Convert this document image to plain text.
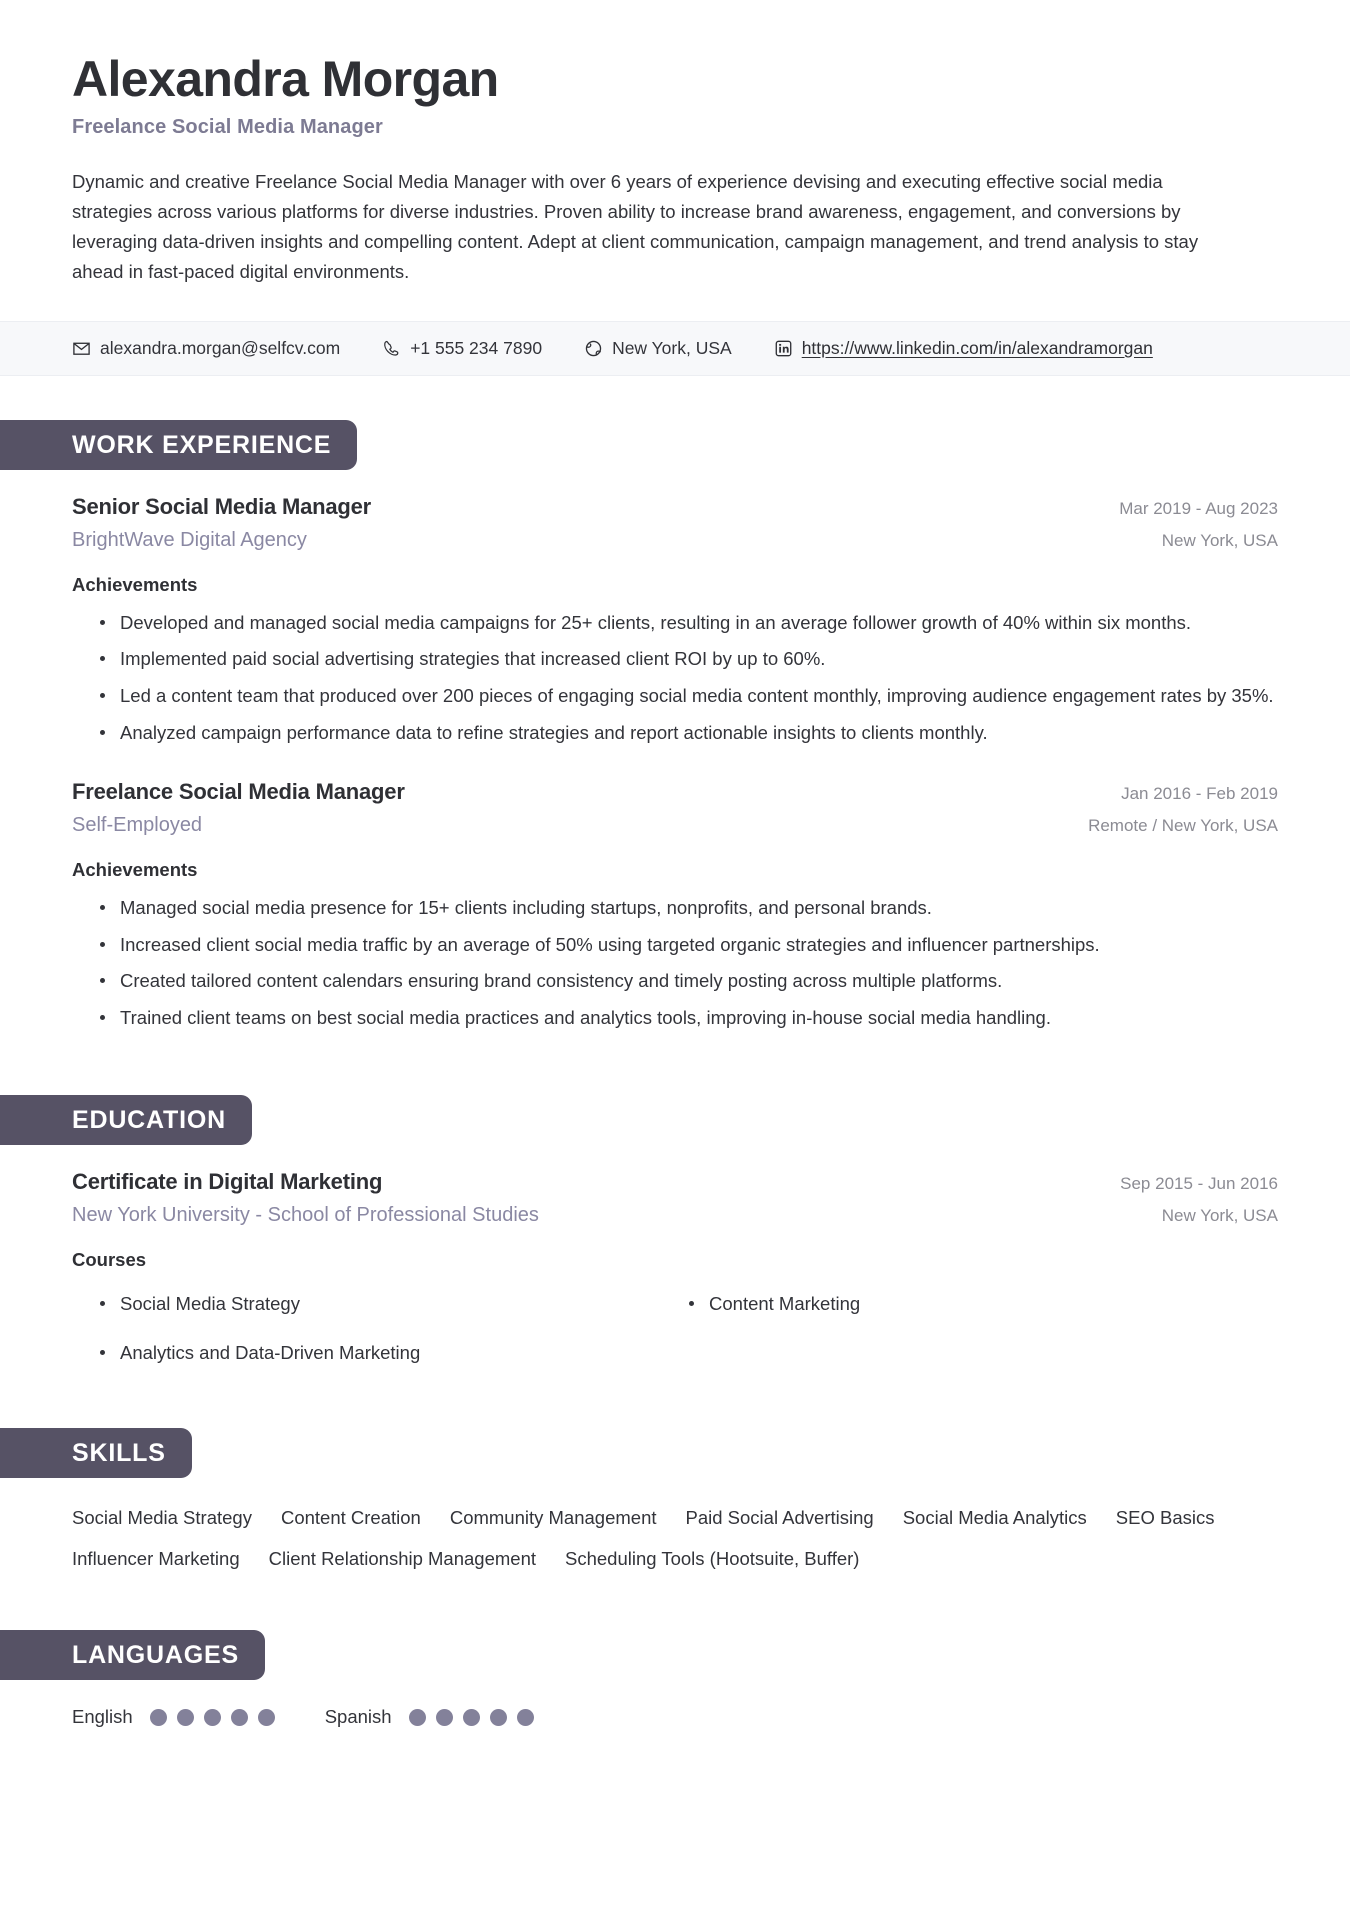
Alexandra Morgan
Freelance Social Media Manager
Dynamic and creative Freelance Social Media Manager with over 6 years of experience devising and executing effective social media strategies across various platforms for diverse industries. Proven ability to increase brand awareness, engagement, and conversions by leveraging data-driven insights and compelling content. Adept at client communication, campaign management, and trend analysis to stay ahead in fast-paced digital environments.
alexandra.morgan@selfcv.com	+1 555 234 7890	New York, USA	https://www.linkedin.com/in/alexandramorgan
WORK EXPERIENCE
Senior Social Media Manager	Mar 2019 - Aug 2023
BrightWave Digital Agency	New York, USA
Achievements
Developed and managed social media campaigns for 25+ clients, resulting in an average follower growth of 40% within six months.
Implemented paid social advertising strategies that increased client ROI by up to 60%.
Led a content team that produced over 200 pieces of engaging social media content monthly, improving audience engagement rates by 35%.
Analyzed campaign performance data to refine strategies and report actionable insights to clients monthly.
Freelance Social Media Manager	Jan 2016 - Feb 2019
Self-Employed	Remote / New York, USA
Achievements
Managed social media presence for 15+ clients including startups, nonprofits, and personal brands.
Increased client social media traffic by an average of 50% using targeted organic strategies and influencer partnerships.
Created tailored content calendars ensuring brand consistency and timely posting across multiple platforms.
Trained client teams on best social media practices and analytics tools, improving in-house social media handling.
EDUCATION
Certificate in Digital Marketing	Sep 2015 - Jun 2016
New York University - School of Professional Studies	New York, USA
Courses
Social Media Strategy	Content Marketing
Analytics and Data-Driven Marketing
SKILLS
Social Media Strategy Content Creation Community Management Paid Social Advertising Social Media Analytics SEO Basics
Influencer Marketing Client Relationship Management Scheduling Tools (Hootsuite, Buffer)
LANGUAGES
English	Spanish
